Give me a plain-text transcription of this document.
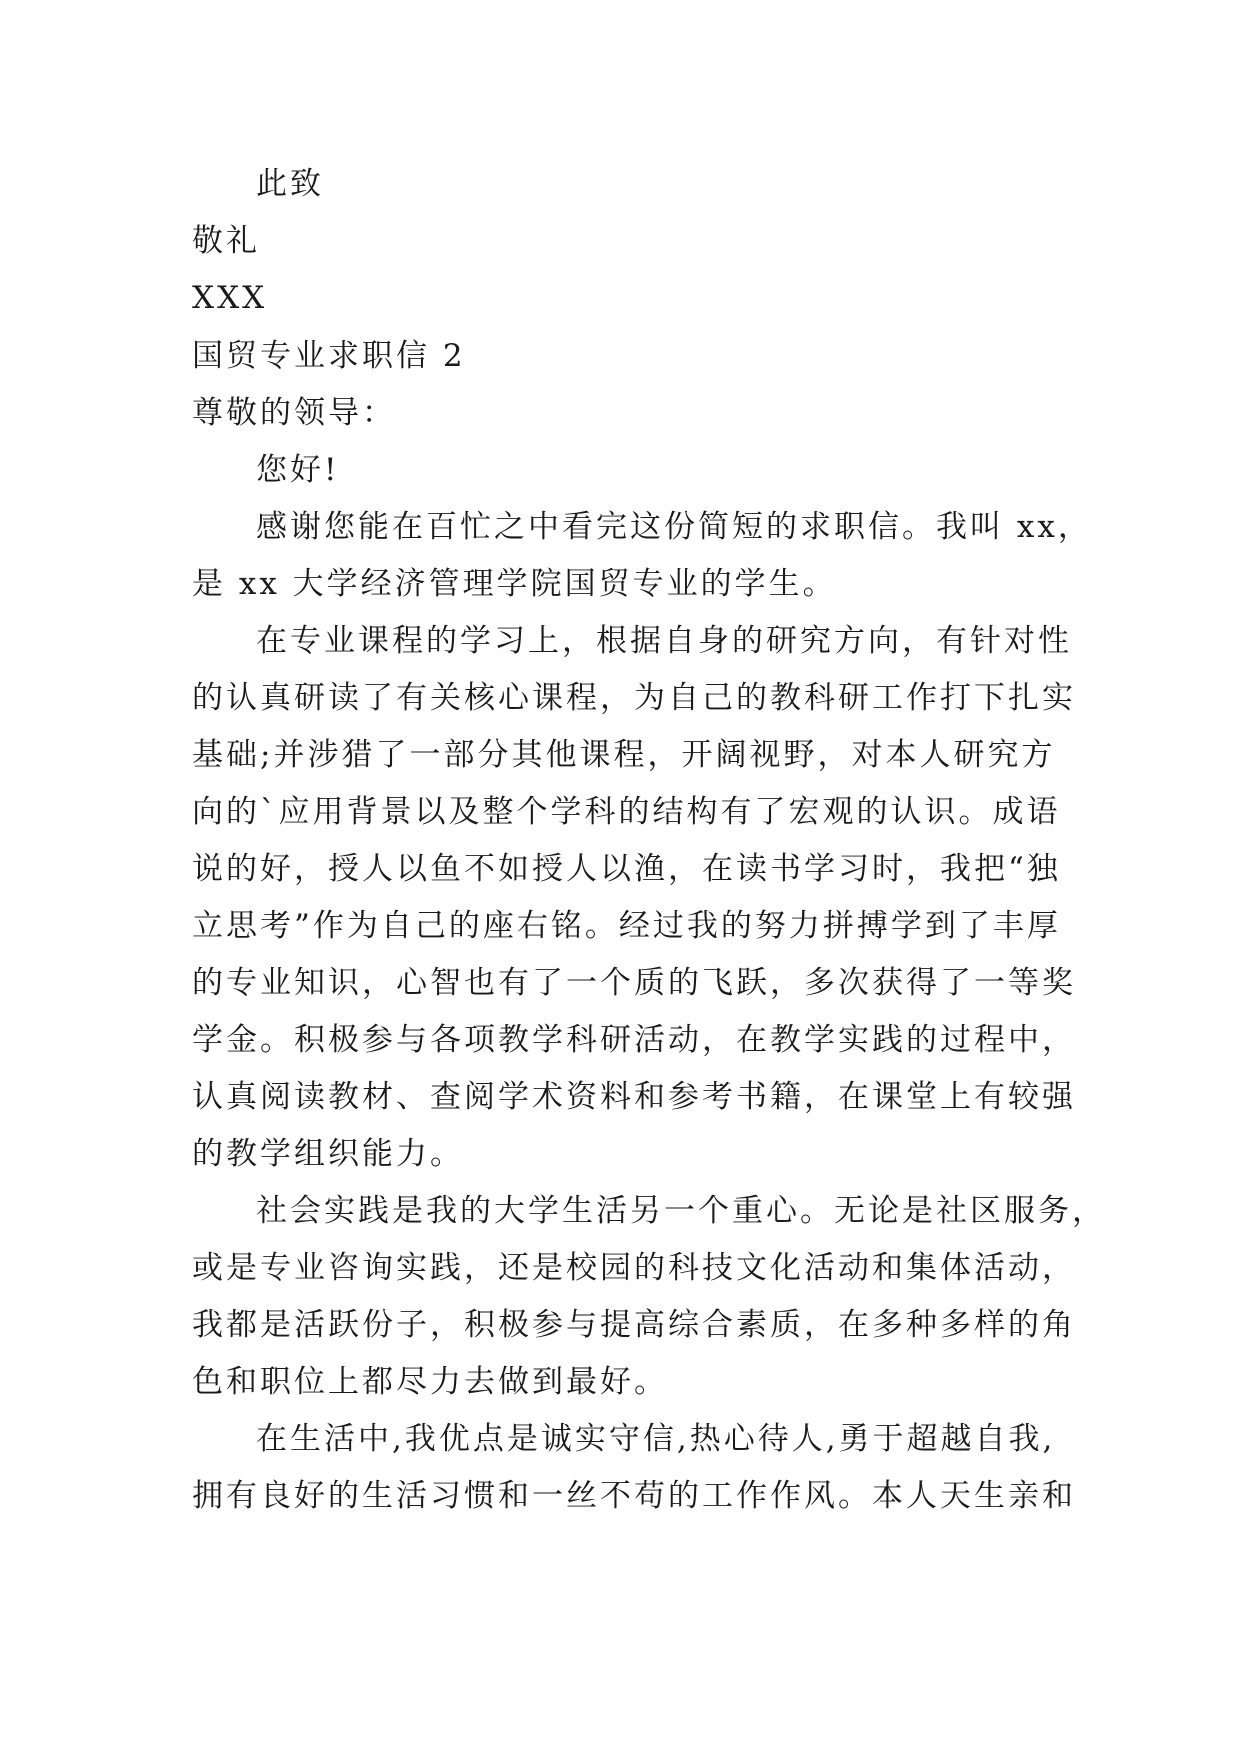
此致
敬礼
XXX
国贸专业求职信 2
尊敬的领导：
您好!
感谢您能在百忙之中看完这份简短的求职信。我叫 xx，
是 xx 大学经济管理学院国贸专业的学生。
在专业课程的学习上，根据自身的研究方向，有针对性
的认真研读了有关核心课程，为自己的教科研工作打下扎实
基础;并涉猎了一部分其他课程，开阔视野，对本人研究方
向的`应用背景以及整个学科的结构有了宏观的认识。成语
说的好，授人以鱼不如授人以渔，在读书学习时，我把“独
立思考”作为自己的座右铭。经过我的努力拼搏学到了丰厚
的专业知识，心智也有了一个质的飞跃，多次获得了一等奖
学金。积极参与各项教学科研活动，在教学实践的过程中，
认真阅读教材、查阅学术资料和参考书籍，在课堂上有较强
的教学组织能力。
社会实践是我的大学生活另一个重心。无论是社区服务，
或是专业咨询实践，还是校园的科技文化活动和集体活动，
我都是活跃份子，积极参与提高综合素质，在多种多样的角
色和职位上都尽力去做到最好。
在生活中,我优点是诚实守信,热心待人,勇于超越自我,
拥有良好的生活习惯和一丝不苟的工作作风。本人天生亲和
